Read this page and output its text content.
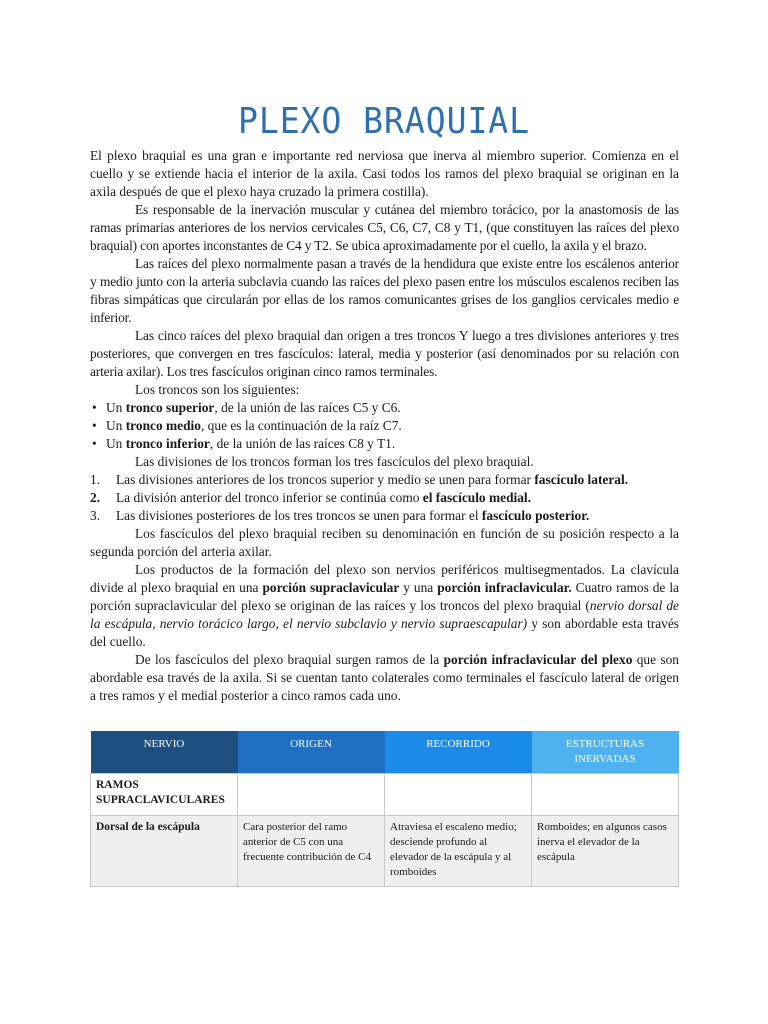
PLEXO BRAQUIAL

El plexo braquial es una gran e importante red nerviosa que inerva al miembro superior. Comienza en el cuello y se extiende hacia el interior de la axila. Casi todos los ramos del plexo braquial se originan en la axila después de que el plexo haya cruzado la primera costilla).

Es responsable de la inervación muscular y cutánea del miembro torácico, por la anastomosis de las ramas primarias anteriores de los nervios cervicales C5, C6, C7, C8 y T1, (que constituyen las raíces del plexo braquial) con aportes inconstantes de C4 y T2. Se ubica aproximadamente por el cuello, la axila y el brazo.

Las raíces del plexo normalmente pasan a través de la hendidura que existe entre los escálenos anterior y medio junto con la arteria subclavia cuando las raíces del plexo pasen entre los músculos escalenos reciben las fibras simpáticas que circularán por ellas de los ramos comunicantes grises de los ganglios cervicales medio e inferior.

Las cinco raíces del plexo braquial dan origen a tres troncos Y luego a tres divisiones anteriores y tres posteriores, que convergen en tres fascículos: lateral, media y posterior (así denominados por su relación con arteria axilar). Los tres fascículos originan cinco ramos terminales.

Los troncos son los siguientes:

• Un tronco superior, de la unión de las raíces C5 y C6.
• Un tronco medio, que es la continuación de la raíz C7.
• Un tronco inferior, de la unión de las raíces C8 y T1.

Las divisiones de los troncos forman los tres fascículos del plexo braquial.

1. Las divisiones anteriores de los troncos superior y medio se unen para formar fascículo lateral.
2. La división anterior del tronco inferior se continúa como el fascículo medial.
3. Las divisiones posteriores de los tres troncos se unen para formar el fascículo posterior.

Los fascículos del plexo braquial reciben su denominación en función de su posición respecto a la segunda porción del arteria axilar.

Los productos de la formación del plexo son nervios periféricos multisegmentados. La clavícula divide al plexo braquial en una porción supraclavicular y una porción infraclavicular. Cuatro ramos de la porción supraclavicular del plexo se originan de las raíces y los troncos del plexo braquial (nervio dorsal de la escápula, nervio torácico largo, el nervio subclavio y nervio supraescapular) y son abordable esta través del cuello.

De los fascículos del plexo braquial surgen ramos de la porción infraclavicular del plexo que son abordable esa través de la axila. Si se cuentan tanto colaterales como terminales el fascículo lateral de origen a tres ramos y el medial posterior a cinco ramos cada uno.

NERVIO	ORIGEN	RECORRIDO	ESTRUCTURAS INERVADAS
RAMOS SUPRACLAVICULARES			
Dorsal de la escápula	Cara posterior del ramo anterior de C5 con una frecuente contribución de C4	Atraviesa el escaleno medio; desciende profundo al elevador de la escápula y al romboides	Romboides; en algunos casos inerva el elevador de la escápula
